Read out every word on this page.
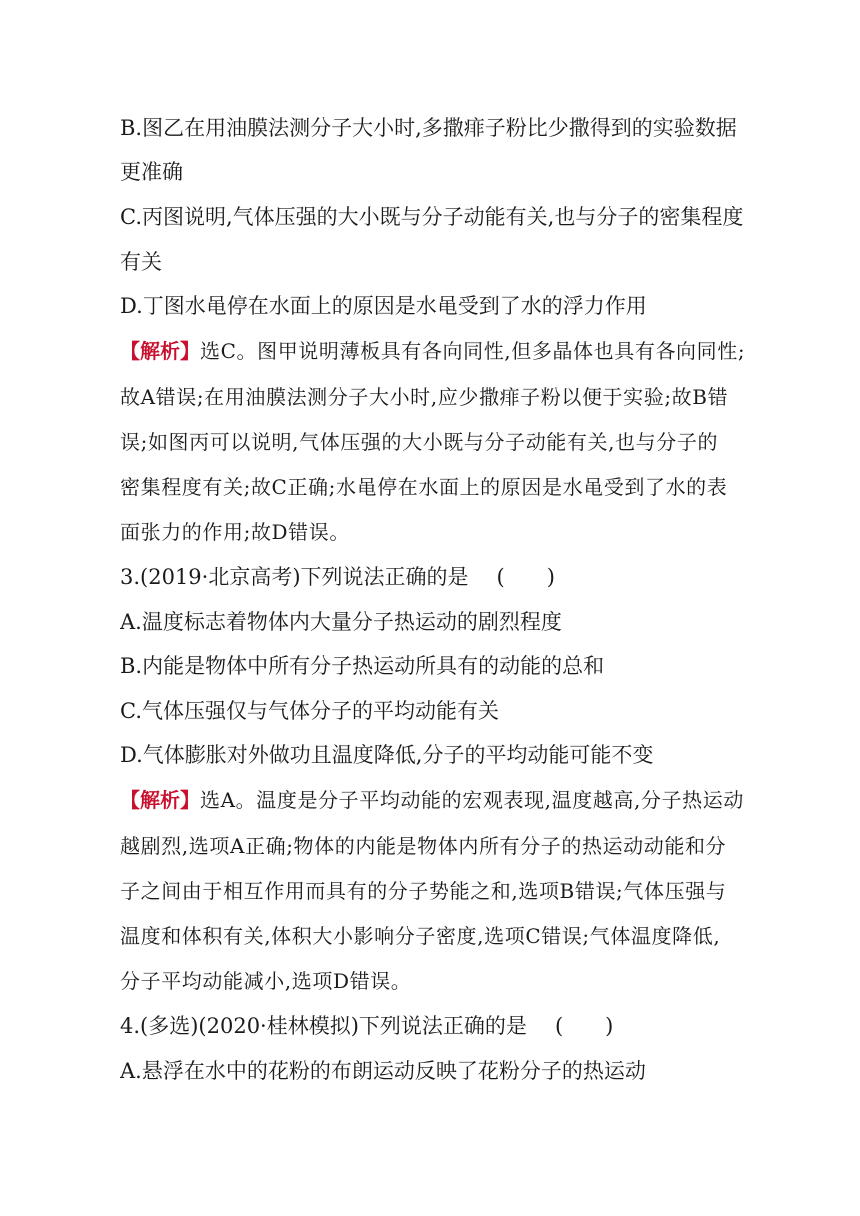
B.图乙在用油膜法测分子大小时,多撒痱子粉比少撒得到的实验数据
更准确
C.丙图说明,气体压强的大小既与分子动能有关,也与分子的密集程度
有关
D.丁图水黾停在水面上的原因是水黾受到了水的浮力作用
【解析】选C。图甲说明薄板具有各向同性,但多晶体也具有各向同性;
故A错误;在用油膜法测分子大小时,应少撒痱子粉以便于实验;故B错
误;如图丙可以说明,气体压强的大小既与分子动能有关,也与分子的
密集程度有关;故C正确;水黾停在水面上的原因是水黾受到了水的表
面张力的作用;故D错误。
3.(2019·北京高考)下列说法正确的是 (　　)
A.温度标志着物体内大量分子热运动的剧烈程度
B.内能是物体中所有分子热运动所具有的动能的总和
C.气体压强仅与气体分子的平均动能有关
D.气体膨胀对外做功且温度降低,分子的平均动能可能不变
【解析】选A。温度是分子平均动能的宏观表现,温度越高,分子热运动
越剧烈,选项A正确;物体的内能是物体内所有分子的热运动动能和分
子之间由于相互作用而具有的分子势能之和,选项B错误;气体压强与
温度和体积有关,体积大小影响分子密度,选项C错误;气体温度降低,
分子平均动能减小,选项D错误。
4.(多选)(2020·桂林模拟)下列说法正确的是 (　　)
A.悬浮在水中的花粉的布朗运动反映了花粉分子的热运动
